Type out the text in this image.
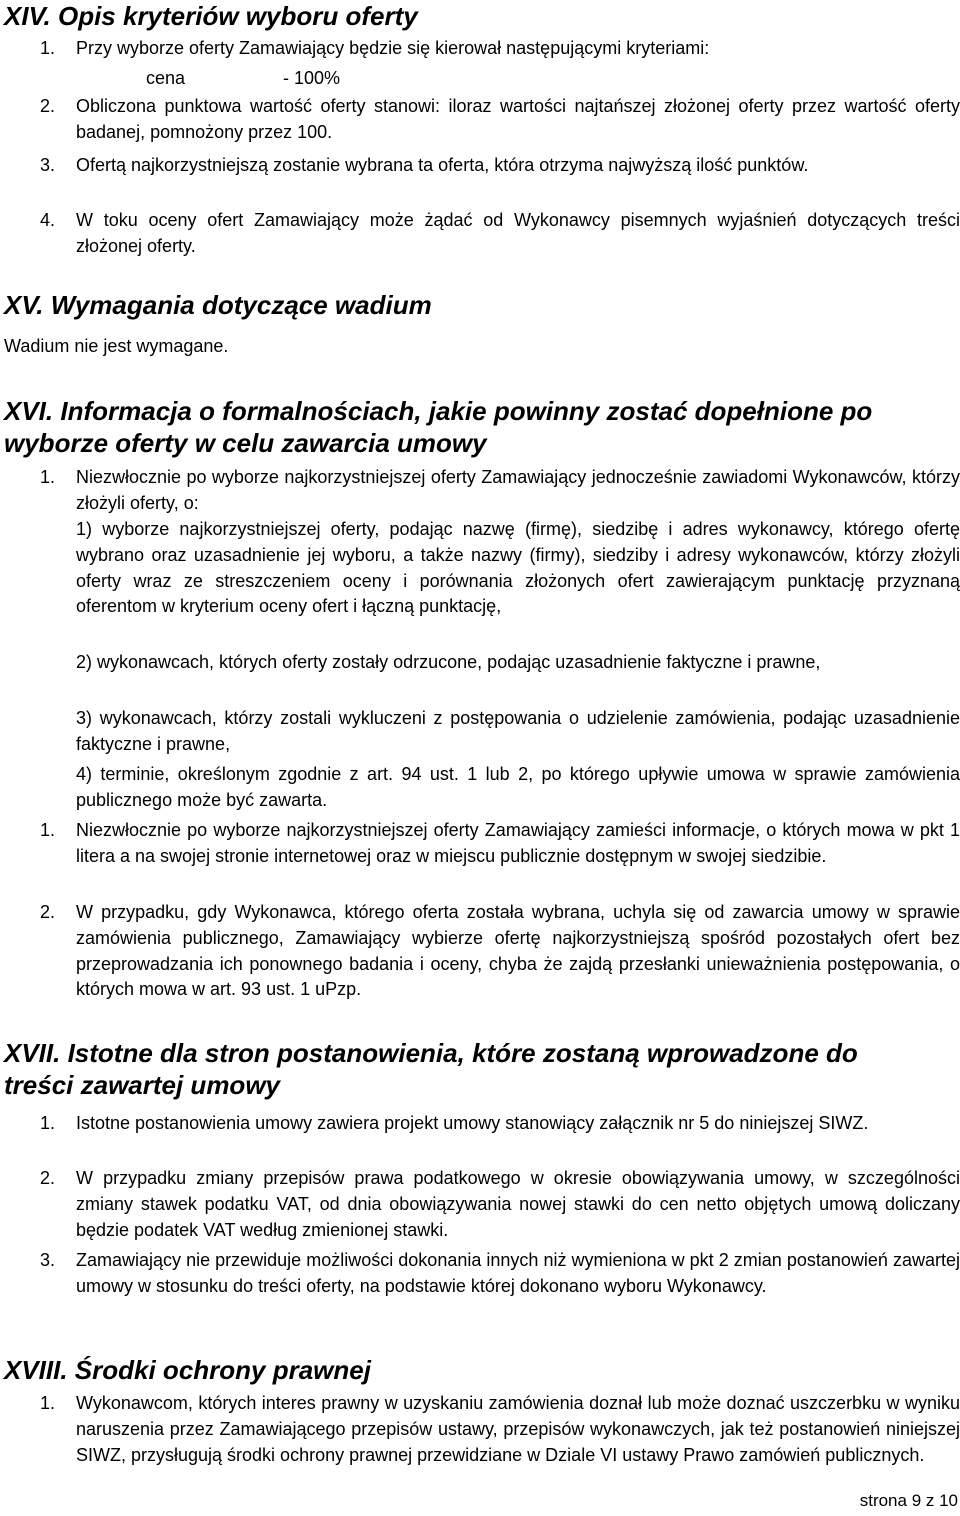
XIV. Opis kryteriów wyboru oferty
1. Przy wyborze oferty Zamawiający będzie się kierował następującymi kryteriami:
cena	- 100%
2. Obliczona punktowa wartość oferty stanowi: iloraz wartości najtańszej złożonej oferty przez wartość oferty badanej, pomnożony przez 100.
3. Ofertą najkorzystniejszą zostanie wybrana ta oferta, która otrzyma najwyższą ilość punktów.
4. W toku oceny ofert Zamawiający może żądać od Wykonawcy pisemnych wyjaśnień dotyczących treści złożonej oferty.
XV. Wymagania dotyczące wadium
Wadium nie jest wymagane.
XVI. Informacja o formalnościach, jakie powinny zostać dopełnione po
wyborze oferty w celu zawarcia umowy
1. Niezwłocznie po wyborze najkorzystniejszej oferty Zamawiający jednocześnie zawiadomi Wykonawców, którzy złożyli oferty, o:
1) wyborze najkorzystniejszej oferty, podając nazwę (firmę), siedzibę i adres wykonawcy, którego ofertę wybrano oraz uzasadnienie jej wyboru, a także nazwy (firmy), siedziby i adresy wykonawców, którzy złożyli oferty wraz ze streszczeniem oceny i porównania złożonych ofert zawierającym punktację przyznaną oferentom w kryterium oceny ofert i łączną punktację,
2) wykonawcach, których oferty zostały odrzucone, podając uzasadnienie faktyczne i prawne,
3) wykonawcach, którzy zostali wykluczeni z postępowania o udzielenie zamówienia, podając uzasadnienie faktyczne i prawne,
4) terminie, określonym zgodnie z art. 94 ust. 1 lub 2, po którego upływie umowa w sprawie zamówienia publicznego może być zawarta.
1. Niezwłocznie po wyborze najkorzystniejszej oferty Zamawiający zamieści informacje, o których mowa w pkt 1 litera a na swojej stronie internetowej oraz w miejscu publicznie dostępnym w swojej siedzibie.
2. W przypadku, gdy Wykonawca, którego oferta została wybrana, uchyla się od zawarcia umowy w sprawie zamówienia publicznego, Zamawiający wybierze ofertę najkorzystniejszą spośród pozostałych ofert bez przeprowadzania ich ponownego badania i oceny, chyba że zajdą przesłanki unieważnienia postępowania, o których mowa w art. 93 ust. 1 uPzp.
XVII. Istotne dla stron postanowienia, które zostaną wprowadzone do
treści zawartej umowy
1. Istotne postanowienia umowy zawiera projekt umowy stanowiący załącznik nr 5 do niniejszej SIWZ.
2. W przypadku zmiany przepisów prawa podatkowego w okresie obowiązywania umowy, w szczególności zmiany stawek podatku VAT, od dnia obowiązywania nowej stawki do cen netto objętych umową doliczany będzie podatek VAT według zmienionej stawki.
3. Zamawiający nie przewiduje możliwości dokonania innych niż wymieniona w pkt 2 zmian postanowień zawartej umowy w stosunku do treści oferty, na podstawie której dokonano wyboru Wykonawcy.
XVIII. Środki ochrony prawnej
1. Wykonawcom, których interes prawny w uzyskaniu zamówienia doznał lub może doznać uszczerbku w wyniku naruszenia przez Zamawiającego przepisów ustawy, przepisów wykonawczych, jak też postanowień niniejszej SIWZ, przysługują środki ochrony prawnej przewidziane w Dziale VI ustawy Prawo zamówień publicznych.
strona 9 z 10
